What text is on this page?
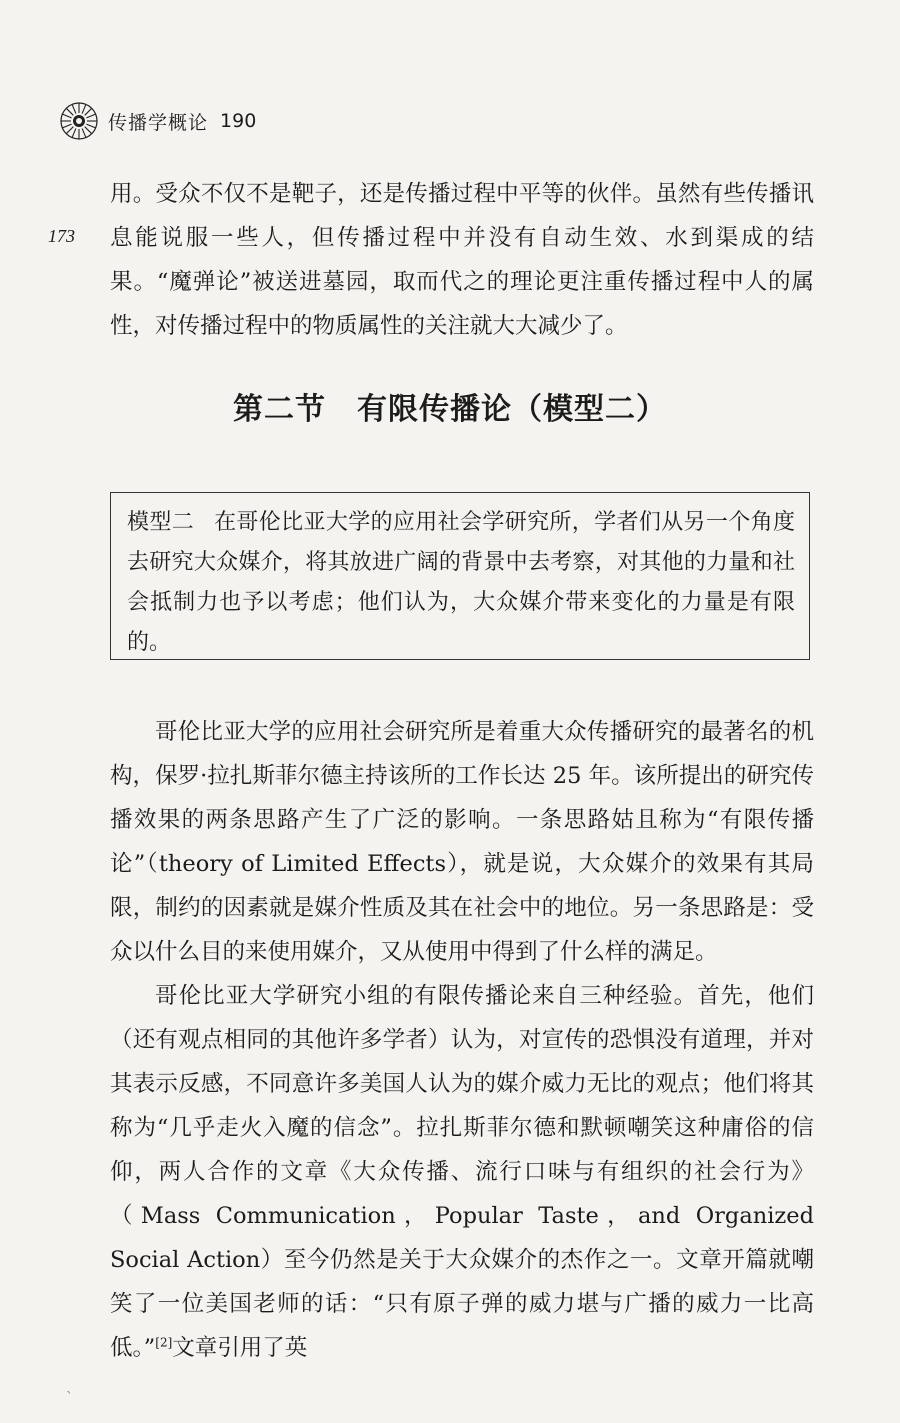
传播学概论 190
173

用。受众不仅不是靶子，还是传播过程中平等的伙伴。虽然有些传播讯息能说服一些人，但传播过程中并没有自动生效、水到渠成的结果。“魔弹论”被送进墓园，取而代之的理论更注重传播过程中人的属性，对传播过程中的物质属性的关注就大大减少了。

第二节　有限传播论（模型二）

模型二 在哥伦比亚大学的应用社会学研究所，学者们从另一个角度去研究大众媒介，将其放进广阔的背景中去考察，对其他的力量和社会抵制力也予以考虑；他们认为，大众媒介带来变化的力量是有限的。

哥伦比亚大学的应用社会研究所是着重大众传播研究的最著名的机构，保罗·拉扎斯菲尔德主持该所的工作长达 25 年。该所提出的研究传播效果的两条思路产生了广泛的影响。一条思路姑且称为“有限传播论”（theory of Limited Effects），就是说，大众媒介的效果有其局限，制约的因素就是媒介性质及其在社会中的地位。另一条思路是：受众以什么目的来使用媒介，又从使用中得到了什么样的满足。

哥伦比亚大学研究小组的有限传播论来自三种经验。首先，他们（还有观点相同的其他许多学者）认为，对宣传的恐惧没有道理，并对其表示反感，不同意许多美国人认为的媒介威力无比的观点；他们将其称为“几乎走火入魔的信念”。拉扎斯菲尔德和默顿嘲笑这种庸俗的信仰，两人合作的文章《大众传播、流行口味与有组织的社会行为》（Mass Communication，Popular Taste，and Organized Social Action）至今仍然是关于大众媒介的杰作之一。文章开篇就嘲笑了一位美国老师的话：“只有原子弹的威力堪与广播的威力一比高低。”[2]文章引用了英

`
